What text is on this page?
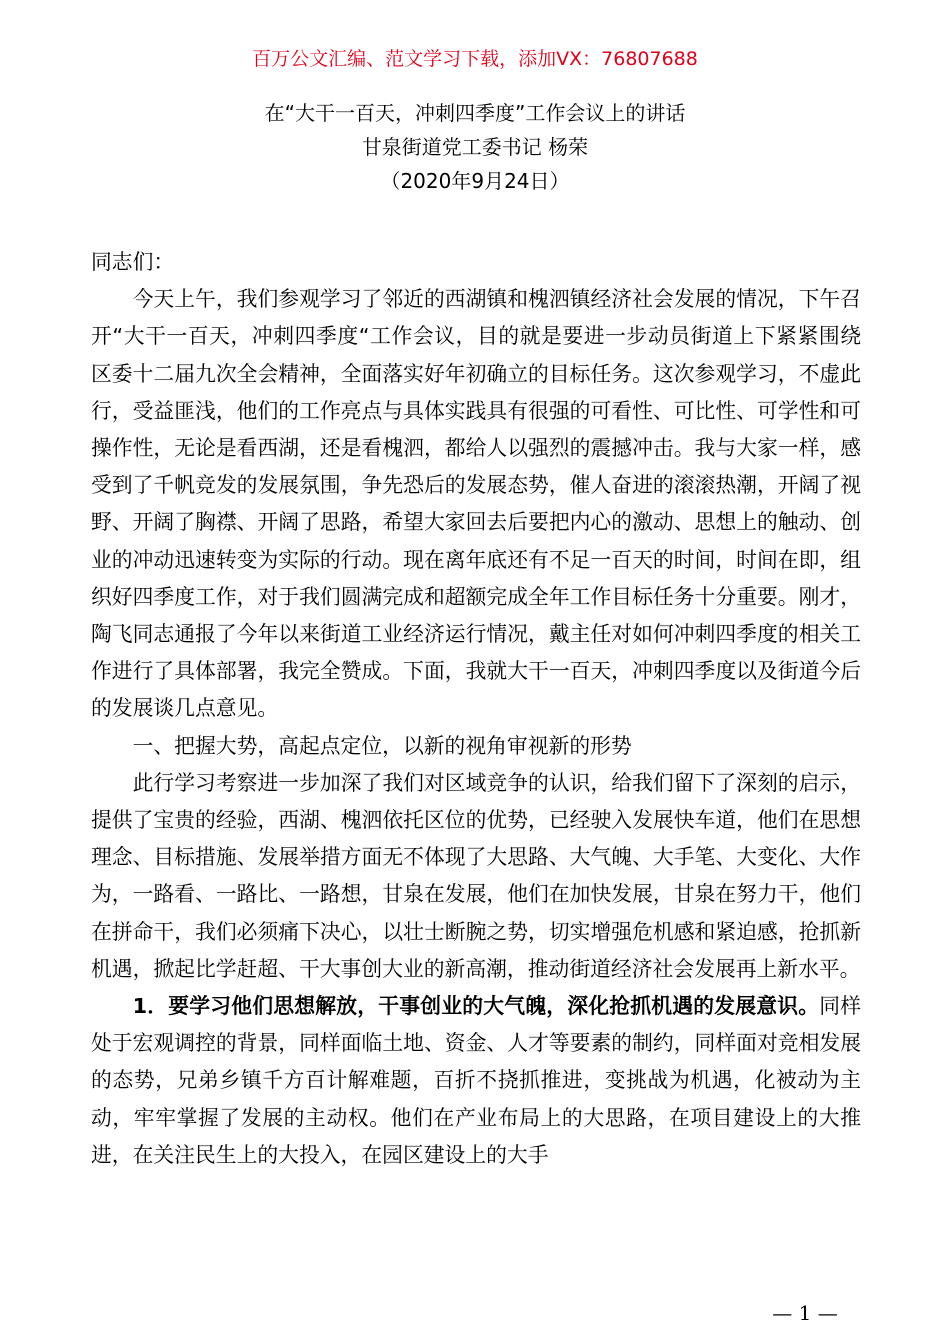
百万公文汇编、范文学习下载，添加VX：76807688
在“大干一百天，冲刺四季度”工作会议上的讲话
甘泉街道党工委书记 杨荣
（2020年9月24日）

同志们：

今天上午，我们参观学习了邻近的西湖镇和槐泗镇经济社会发展的情况，下午召开“大干一百天，冲刺四季度“工作会议，目的就是要进一步动员街道上下紧紧围绕区委十二届九次全会精神，全面落实好年初确立的目标任务。这次参观学习，不虚此行，受益匪浅，他们的工作亮点与具体实践具有很强的可看性、可比性、可学性和可操作性，无论是看西湖，还是看槐泗，都给人以强烈的震撼冲击。我与大家一样，感受到了千帆竞发的发展氛围，争先恐后的发展态势，催人奋进的滚滚热潮，开阔了视野、开阔了胸襟、开阔了思路，希望大家回去后要把内心的激动、思想上的触动、创业的冲动迅速转变为实际的行动。现在离年底还有不足一百天的时间，时间在即，组织好四季度工作，对于我们圆满完成和超额完成全年工作目标任务十分重要。刚才，陶飞同志通报了今年以来街道工业经济运行情况，戴主任对如何冲刺四季度的相关工作进行了具体部署，我完全赞成。下面，我就大干一百天，冲刺四季度以及街道今后的发展谈几点意见。

一、把握大势，高起点定位，以新的视角审视新的形势

此行学习考察进一步加深了我们对区域竞争的认识，给我们留下了深刻的启示，提供了宝贵的经验，西湖、槐泗依托区位的优势，已经驶入发展快车道，他们在思想理念、目标措施、发展举措方面无不体现了大思路、大气魄、大手笔、大变化、大作为，一路看、一路比、一路想，甘泉在发展，他们在加快发展，甘泉在努力干，他们在拼命干，我们必须痛下决心，以壮士断腕之势，切实增强危机感和紧迫感，抢抓新机遇，掀起比学赶超、干大事创大业的新高潮，推动街道经济社会发展再上新水平。

1．要学习他们思想解放，干事创业的大气魄，深化抢抓机遇的发展意识。同样处于宏观调控的背景，同样面临土地、资金、人才等要素的制约，同样面对竞相发展的态势，兄弟乡镇千方百计解难题，百折不挠抓推进，变挑战为机遇，化被动为主动，牢牢掌握了发展的主动权。他们在产业布局上的大思路，在项目建设上的大推进，在关注民生上的大投入，在园区建设上的大手

— 1 —
